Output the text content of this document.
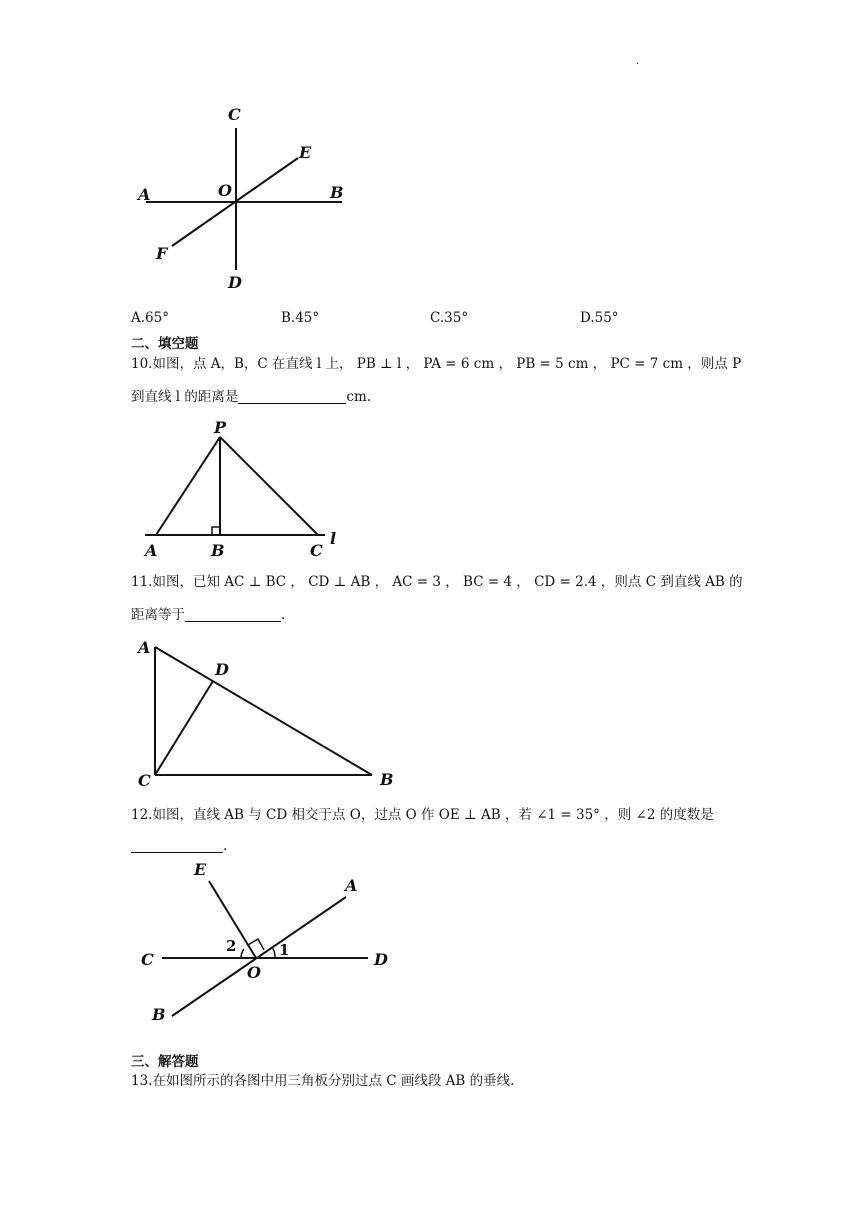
·
C
E
A	O	B
F
D
A.65°	B.45°	C.35°	D.55°
二、填空题
10.如图，点 A，B，C 在直线 l 上， PB ⊥ l ， PA = 6 cm ， PB = 5 cm ， PC = 7 cm ，则点 P
到直线 l 的距离是	cm.
P
A	B	C
l
11.如图，已知 AC ⊥ BC ， CD ⊥ AB ， AC = 3 ， BC = 4 ， CD = 2.4 ，则点 C 到直线 AB 的
距离等于	.
A
D
C	B
12.如图，直线 AB 与 CD 相交于点 O，过点 O 作 OE ⊥ AB ，若 ∠1 = 35° ，则 ∠2 的度数是
.
E
A
C	D
O
B
1
2
三、解答题
13.在如图所示的各图中用三角板分别过点 C 画线段 AB 的垂线.
